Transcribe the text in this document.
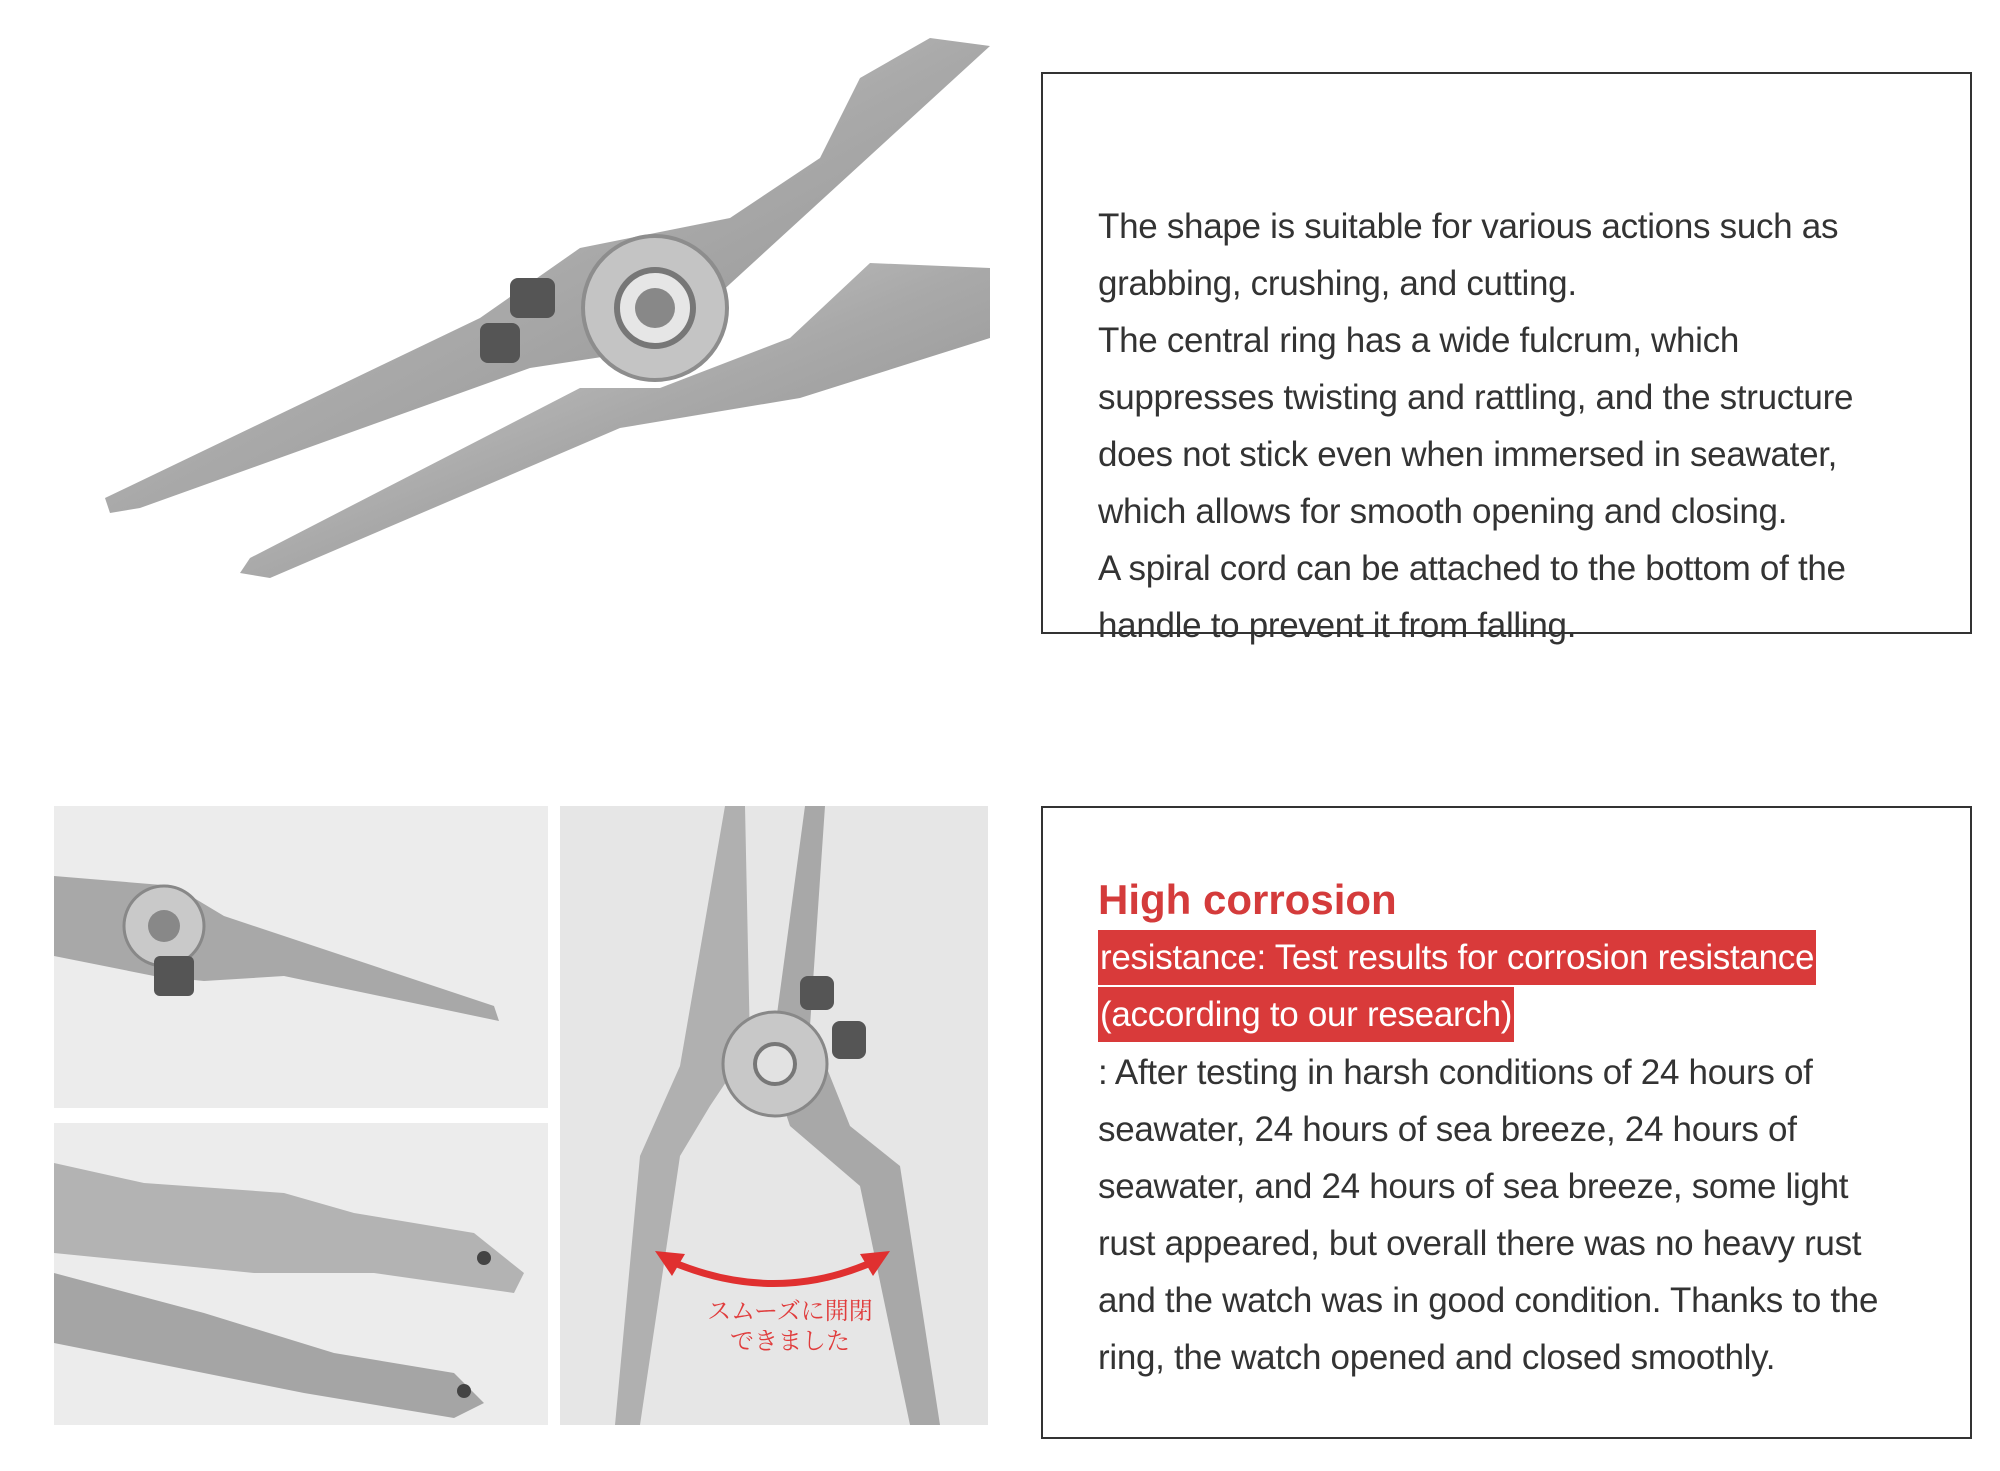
スムーズに開閉
できました
The shape is suitable for various actions such as
grabbing, crushing, and cutting.
The central ring has a wide fulcrum, which
suppresses twisting and rattling, and the structure
does not stick even when immersed in seawater,
which allows for smooth opening and closing.
A spiral cord can be attached to the bottom of the
handle to prevent it from falling.
High corrosion
resistance: Test results for corrosion resistance
(according to our research)
: After testing in harsh conditions of 24 hours of
seawater, 24 hours of sea breeze, 24 hours of
seawater, and 24 hours of sea breeze, some light
rust appeared, but overall there was no heavy rust
and the watch was in good condition. Thanks to the
ring, the watch opened and closed smoothly.
